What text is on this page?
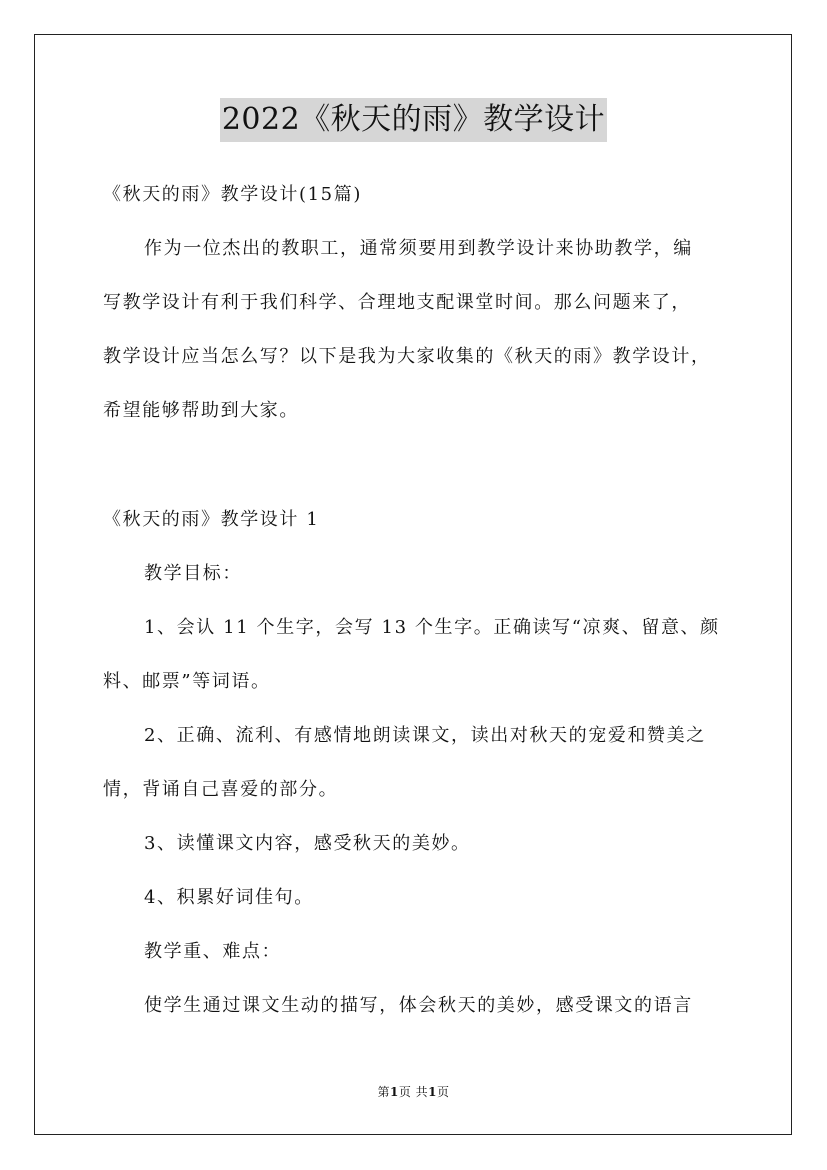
2022《秋天的雨》教学设计
《秋天的雨》教学设计(15篇)
作为一位杰出的教职工，通常须要用到教学设计来协助教学，编
写教学设计有利于我们科学、合理地支配课堂时间。那么问题来了，
教学设计应当怎么写？以下是我为大家收集的《秋天的雨》教学设计，
希望能够帮助到大家。
《秋天的雨》教学设计 1
教学目标：
1、会认 11 个生字，会写 13 个生字。正确读写“凉爽、留意、颜
料、邮票”等词语。
2、正确、流利、有感情地朗读课文，读出对秋天的宠爱和赞美之
情，背诵自己喜爱的部分。
3、读懂课文内容，感受秋天的美妙。
4、积累好词佳句。
教学重、难点：
使学生通过课文生动的描写，体会秋天的美妙，感受课文的语言
第1页 共1页
